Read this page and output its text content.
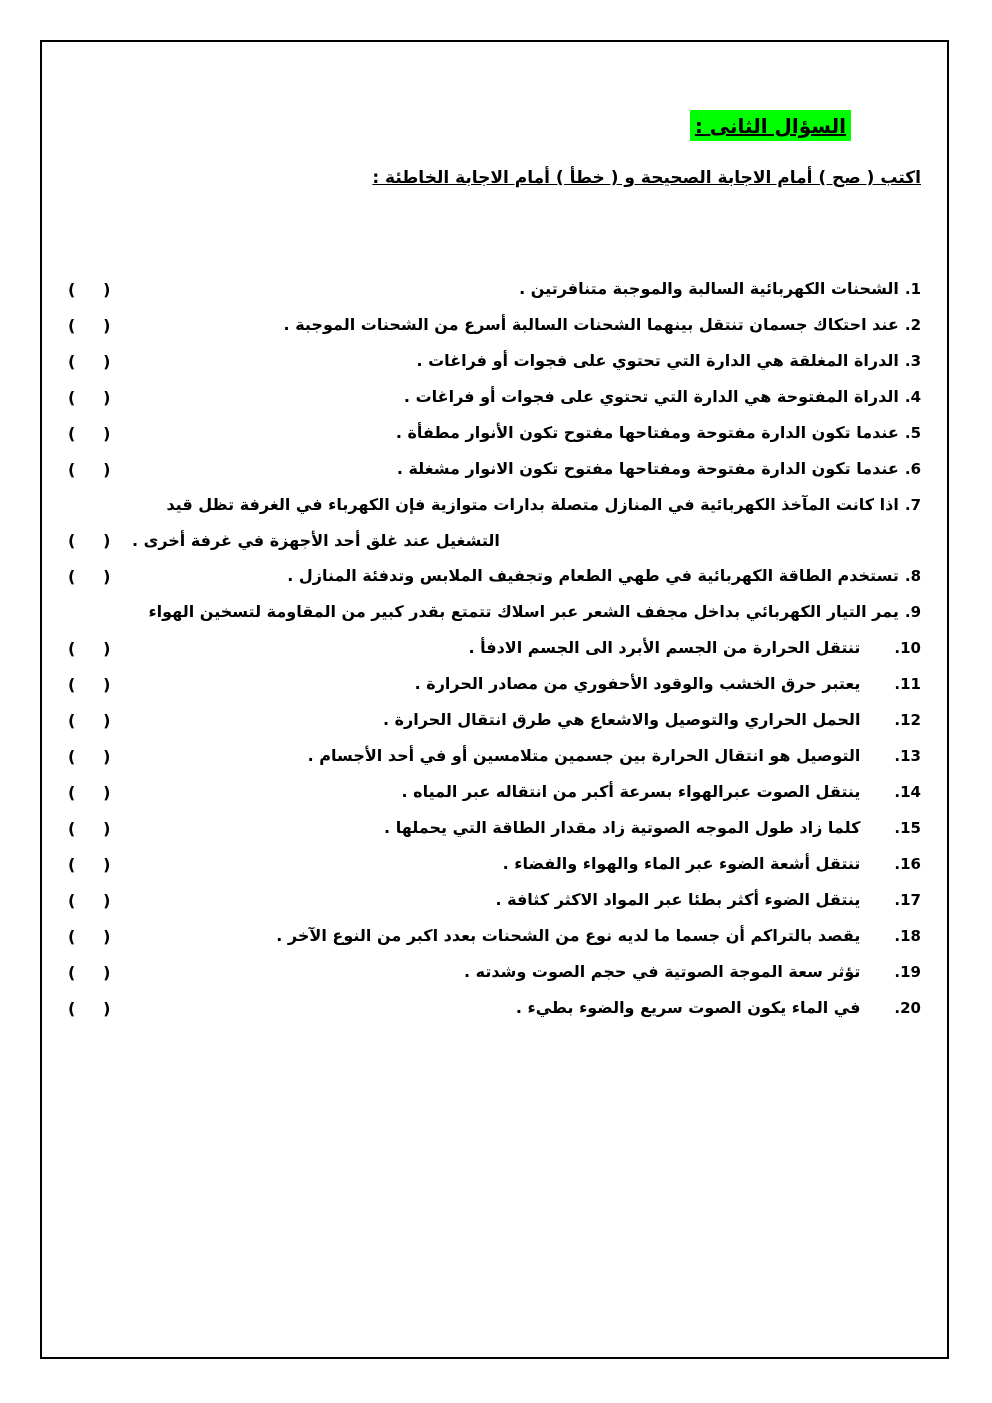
السؤال الثانى :
اكتب ( صح ) أمام الاجابة الصحيحة و ( خطأ ) أمام الاجابة الخاطئة :
1.الشحنات الكهربائية السالبة والموجبة متنافرتين .
(     )
2.عند احتكاك جسمان تنتقل بينهما الشحنات السالبة أسرع من الشحنات الموجبة .
(     )
3.الدراة المغلقة هي الدارة التي تحتوي على فجوات أو فراغات .
(     )
4.الدراة المفتوحة هي الدارة التي تحتوي على فجوات أو فراغات .
(     )
5.عندما تكون الدارة مفتوحة ومفتاحها مفتوح تكون الأنوار مطفأة .
(     )
6.عندما تكون الدارة مفتوحة ومفتاحها مفتوح تكون الانوار مشغلة .
(     )
7.اذا كانت المآخذ الكهربائية في المنازل متصلة بدارات متوازية فإن الكهرباء في الغرفة تظل قيد
التشغيل عند غلق أحد الأجهزة في غرفة أخرى .
(     )
8.تستخدم الطاقة الكهربائية في طهي الطعام وتجفيف الملابس وتدفئة المنازل .
(     )
9.يمر التيار الكهربائي بداخل مجفف الشعر عبر اسلاك تتمتع بقدر كبير من المقاومة لتسخين الهواء
10.تنتقل الحرارة من الجسم الأبرد الى الجسم الادفأ .
(     )
11.يعتبر حرق الخشب والوقود الأحفوري من مصادر الحرارة .
(     )
12.الحمل الحراري والتوصيل والاشعاع هي طرق انتقال الحرارة .
(     )
13.التوصيل هو انتقال الحرارة بين جسمين متلامسين أو في أحد الأجسام .
(     )
14.ينتقل الصوت عبرالهواء بسرعة أكبر من انتقاله عبر المياه .
(     )
15.كلما زاد طول الموجه الصوتية زاد مقدار الطاقة التي يحملها .
(     )
16.تنتقل أشعة الضوء عبر الماء والهواء والفضاء .
(     )
17.ينتقل الضوء أكثر بطئا عبر المواد الاكثر كثافة .
(     )
18.يقصد بالتراكم أن جسما ما لديه نوع من الشحنات بعدد اكبر من النوع الآخر .
(     )
19.تؤثر سعة الموجة الصوتية في حجم الصوت وشدته .
(     )
20.في الماء يكون الصوت سريع والضوء بطيء .
(     )
